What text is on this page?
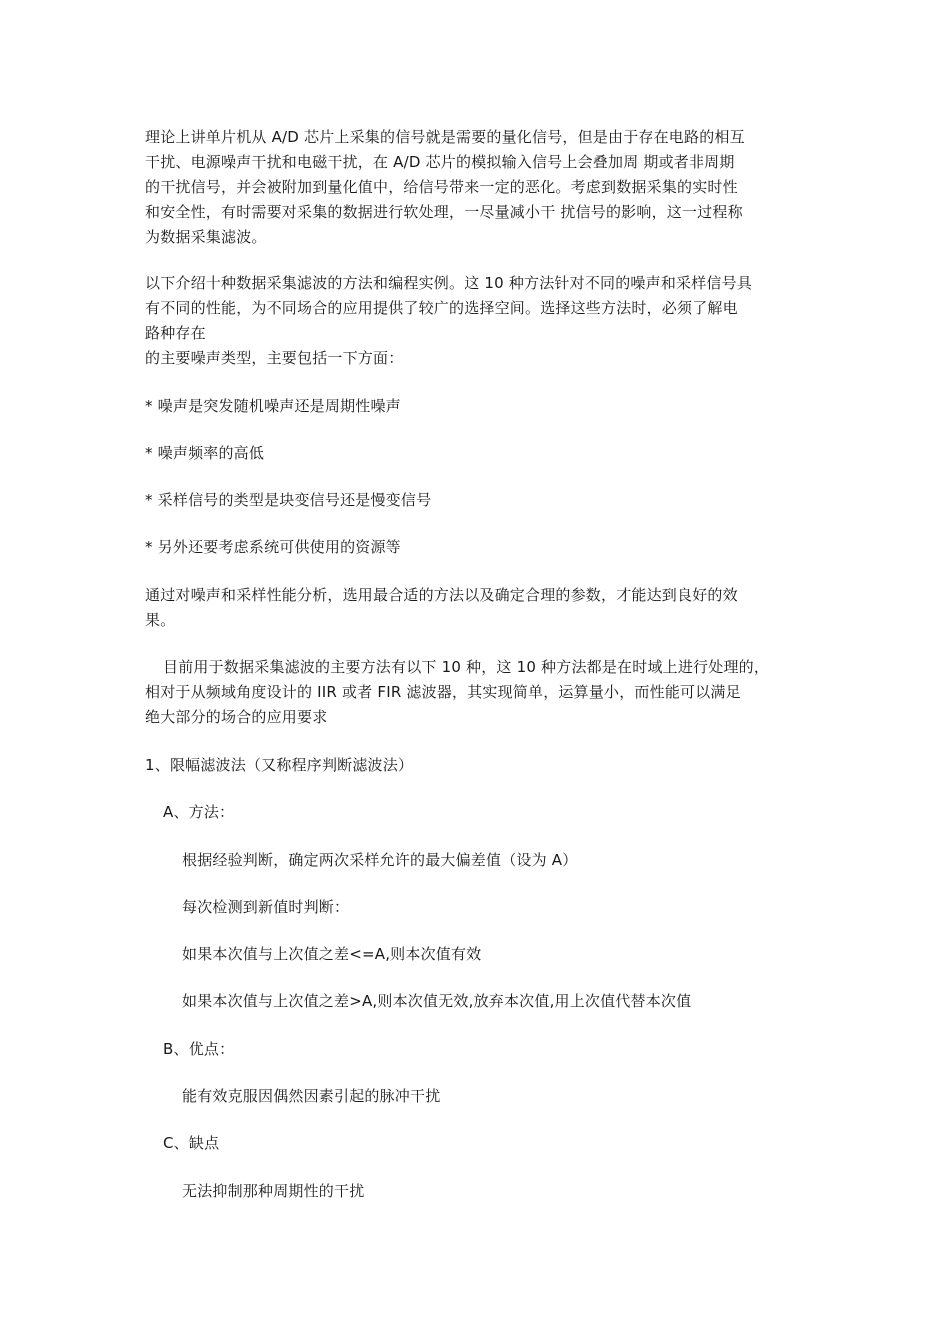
理论上讲单片机从 A/D 芯片上采集的信号就是需要的量化信号，但是由于存在电路的相互
干扰、电源噪声干扰和电磁干扰，在 A/D 芯片的模拟输入信号上会叠加周 期或者非周期
的干扰信号，并会被附加到量化值中，给信号带来一定的恶化。考虑到数据采集的实时性
和安全性，有时需要对采集的数据进行软处理，一尽量减小干 扰信号的影响，这一过程称
为数据采集滤波。
以下介绍十种数据采集滤波的方法和编程实例。这 10 种方法针对不同的噪声和采样信号具
有不同的性能，为不同场合的应用提供了较广的选择空间。选择这些方法时，必须了解电
路种存在
的主要噪声类型，主要包括一下方面：
* 噪声是突发随机噪声还是周期性噪声
* 噪声频率的高低
* 采样信号的类型是块变信号还是慢变信号
* 另外还要考虑系统可供使用的资源等
通过对噪声和采样性能分析，选用最合适的方法以及确定合理的参数，才能达到良好的效
果。
目前用于数据采集滤波的主要方法有以下 10 种，这 10 种方法都是在时域上进行处理的，
相对于从频域角度设计的 IIR 或者 FIR 滤波器，其实现简单，运算量小，而性能可以满足
绝大部分的场合的应用要求
1、限幅滤波法（又称程序判断滤波法）
A、方法：
根据经验判断，确定两次采样允许的最大偏差值（设为 A）
每次检测到新值时判断：
如果本次值与上次值之差<=A,则本次值有效
如果本次值与上次值之差>A,则本次值无效,放弃本次值,用上次值代替本次值
B、优点：
能有效克服因偶然因素引起的脉冲干扰
C、缺点
无法抑制那种周期性的干扰
